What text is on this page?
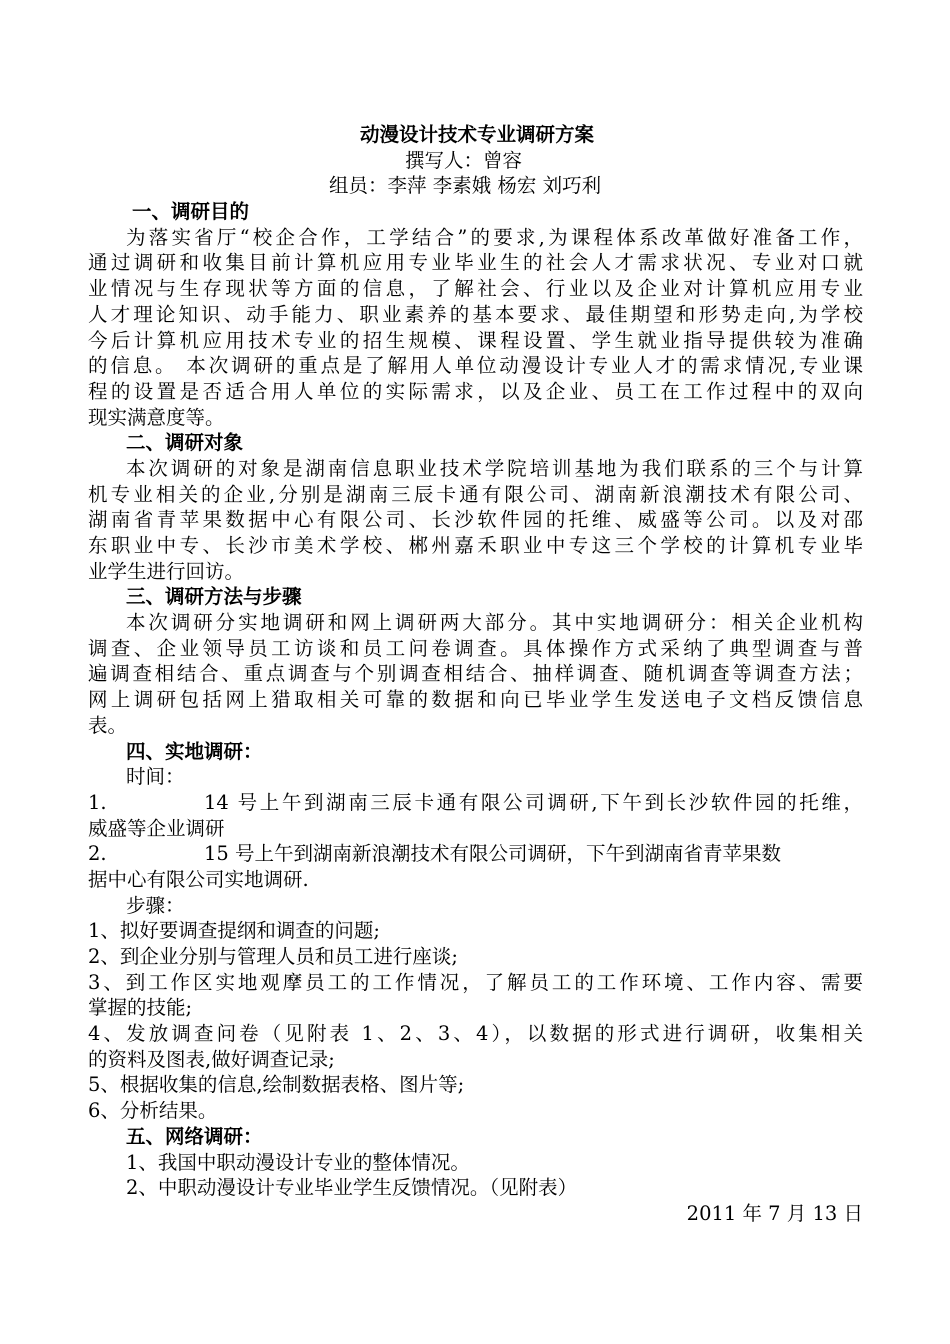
动漫设计技术专业调研方案
撰写人：曾容
组员：李萍 李素娥 杨宏 刘巧利
一、调研目的
为落实省厅“校企合作，工学结合”的要求,为课程体系改革做好准备工作，
通过调研和收集目前计算机应用专业毕业生的社会人才需求状况、专业对口就
业情况与生存现状等方面的信息，了解社会、行业以及企业对计算机应用专业
人才理论知识、动手能力、职业素养的基本要求、最佳期望和形势走向,为学校
今后计算机应用技术专业的招生规模、课程设置、学生就业指导提供较为准确
的信息。 本次调研的重点是了解用人单位动漫设计专业人才的需求情况,专业课
程的设置是否适合用人单位的实际需求，以及企业、员工在工作过程中的双向
现实满意度等。
二、调研对象
本次调研的对象是湖南信息职业技术学院培训基地为我们联系的三个与计算
机专业相关的企业,分别是湖南三辰卡通有限公司、湖南新浪潮技术有限公司、
湖南省青苹果数据中心有限公司、长沙软件园的托维、威盛等公司。以及对邵
东职业中专、长沙市美术学校、郴州嘉禾职业中专这三个学校的计算机专业毕
业学生进行回访。
三、调研方法与步骤
本次调研分实地调研和网上调研两大部分。其中实地调研分：相关企业机构
调查、企业领导员工访谈和员工问卷调查。具体操作方式采纳了典型调查与普
遍调查相结合、重点调查与个别调查相结合、抽样调查、随机调查等调查方法；
网上调研包括网上猎取相关可靠的数据和向已毕业学生发送电子文档反馈信息
表。
四、实地调研：
时间：
1.	14 号上午到湖南三辰卡通有限公司调研,下午到长沙软件园的托维，
威盛等企业调研
2.	15 号上午到湖南新浪潮技术有限公司调研，下午到湖南省青苹果数
据中心有限公司实地调研.
步骤：
1、拟好要调查提纲和调查的问题;
2、到企业分别与管理人员和员工进行座谈;
3、到工作区实地观摩员工的工作情况，了解员工的工作环境、工作内容、需要
掌握的技能;
4、发放调查问卷（见附表 1、2、3、4），以数据的形式进行调研，收集相关
的资料及图表,做好调查记录;
5、根据收集的信息,绘制数据表格、图片等;
6、分析结果。
五、网络调研：
1、我国中职动漫设计专业的整体情况。
2、中职动漫设计专业毕业学生反馈情况。（见附表）
2011 年 7 月 13 日
